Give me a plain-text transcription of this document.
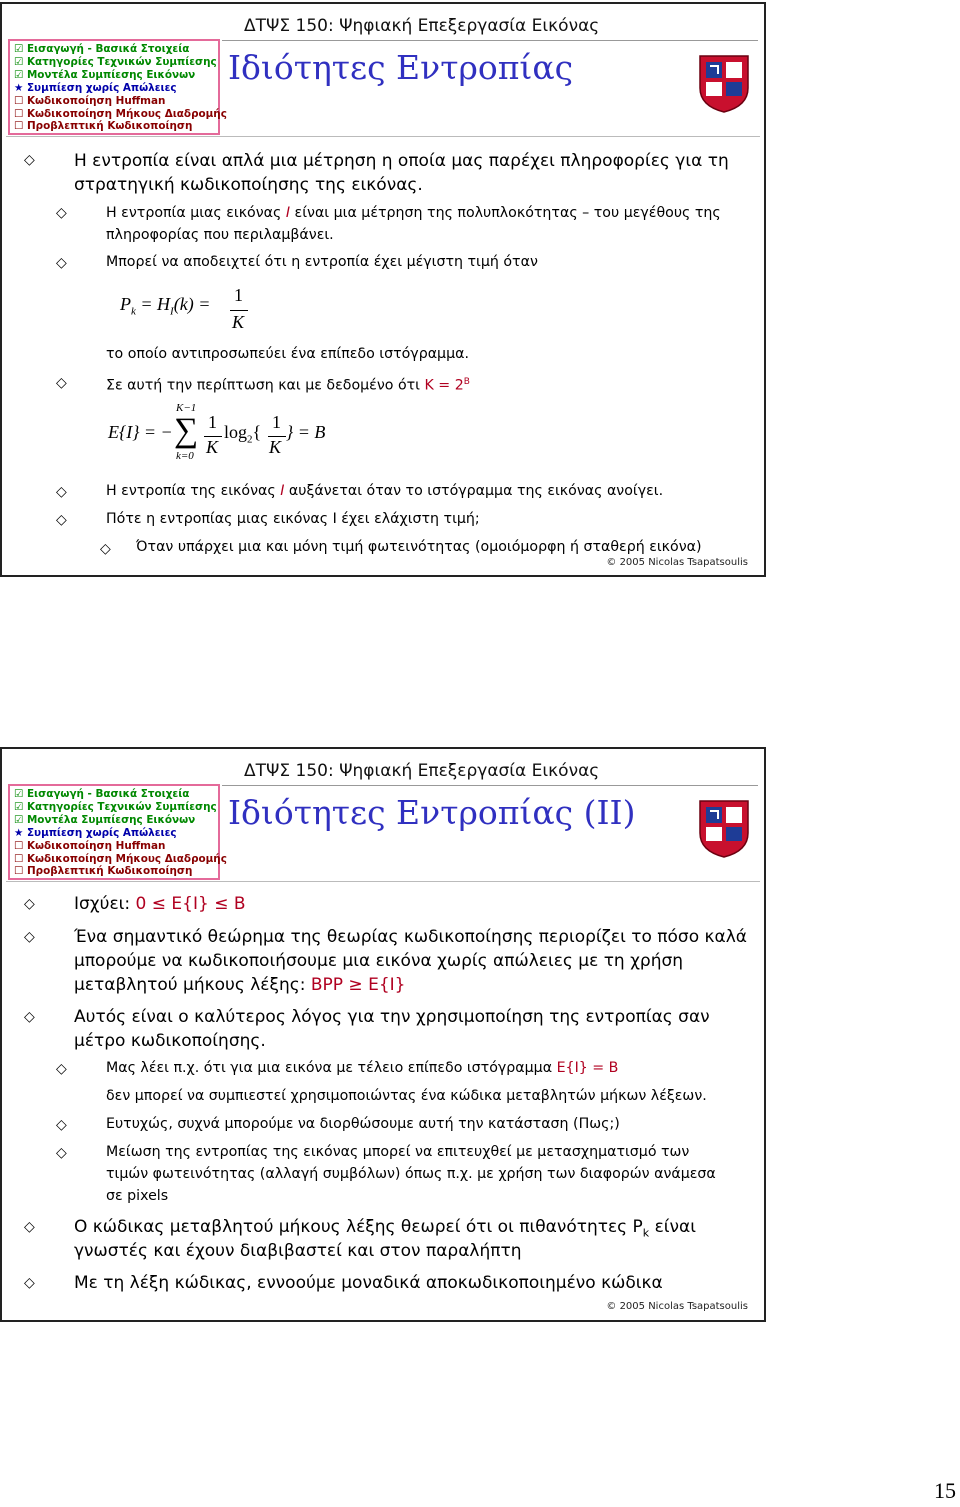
☑ Εισαγωγή - Βασικά Στοιχεία
☑ Κατηγορίες Τεχνικών Συμπίεσης
☑ Μοντέλα Συμπίεσης Εικόνων
★ Συμπίεση χωρίς Απώλειες
☐ Κωδικοποίηση Huffman
☐ Κωδικοποίηση Μήκους Διαδρομής
☐ Προβλεπτική Κωδικοποίηση
ΔΤΨΣ 150: Ψηφιακή Επεξεργασία Εικόνας
Ιδιότητες Εντροπίας
◇ Η εντροπία είναι απλά μια μέτρηση η οποία μας παρέχει πληροφορίες για τη
στρατηγική κωδικοποίησης της εικόνας.
◇	Η εντροπία μιας εικόνας I είναι μια μέτρηση της πολυπλοκότητας – του μεγέθους της
πληροφορίας που περιλαμβάνει.
◇	Μπορεί να αποδειχτεί ότι η εντροπία έχει μέγιστη τιμή όταν
$P_k = H_I(k) = 1$
K
το οποίο αντιπροσωπεύει ένα επίπεδο ιστόγραμμα.
◇	Σε αυτή την περίπτωση και με δεδομένο ότι $K = 2^B$
E{I} = −
K−1
∑
k=0
1
K
$\log_2${ 1
K
} = B
◇	Η εντροπία της εικόνας I αυξάνεται όταν το ιστόγραμμα της εικόνας ανοίγει.
◇	Πότε η εντροπίας μιας εικόνας Ι έχει ελάχιστη τιμή;
◇ Όταν υπάρχει μια και μόνη τιμή φωτεινότητας (ομοιόμορφη ή σταθερή εικόνα)
© 2005 Nicolas Tsapatsoulis
☑ Εισαγωγή - Βασικά Στοιχεία
☑ Κατηγορίες Τεχνικών Συμπίεσης
☑ Μοντέλα Συμπίεσης Εικόνων
★ Συμπίεση χωρίς Απώλειες
☐ Κωδικοποίηση Huffman
☐ Κωδικοποίηση Μήκους Διαδρομής
☐ Προβλεπτική Κωδικοποίηση
ΔΤΨΣ 150: Ψηφιακή Επεξεργασία Εικόνας
Ιδιότητες Εντροπίας (ΙΙ)
◇ Ισχύει: 0 ≤ E{I} ≤ B
◇ Ένα σημαντικό θεώρημα της θεωρίας κωδικοποίησης περιορίζει το πόσο καλά
μπορούμε να κωδικοποιήσουμε μια εικόνα χωρίς απώλειες με τη χρήση
μεταβλητού μήκους λέξης: BPP ≥ E{I}
◇ Αυτός είναι ο καλύτερος λόγος για την χρησιμοποίηση της εντροπίας σαν
μέτρο κωδικοποίησης.
◇	Μας λέει π.χ. ότι για μια εικόνα με τέλειο επίπεδο ιστόγραμμα E{I} = B
δεν μπορεί να συμπιεστεί χρησιμοποιώντας ένα κώδικα μεταβλητών μήκων λέξεων.
◇	Ευτυχώς, συχνά μπορούμε να διορθώσουμε αυτή την κατάσταση (Πως;)
◇	Μείωση της εντροπίας της εικόνας μπορεί να επιτευχθεί με μετασχηματισμό των
τιμών φωτεινότητας (αλλαγή συμβόλων) όπως π.χ. με χρήση των διαφορών ανάμεσα
σε pixels
◇ Ο κώδικας μεταβλητού μήκους λέξης θεωρεί ότι οι πιθανότητες $P_k$ είναι
γνωστές και έχουν διαβιβαστεί και στον παραλήπτη
◇ Με τη λέξη κώδικας, εννοούμε μοναδικά αποκωδικοποιημένο κώδικα
© 2005 Nicolas Tsapatsoulis
15
